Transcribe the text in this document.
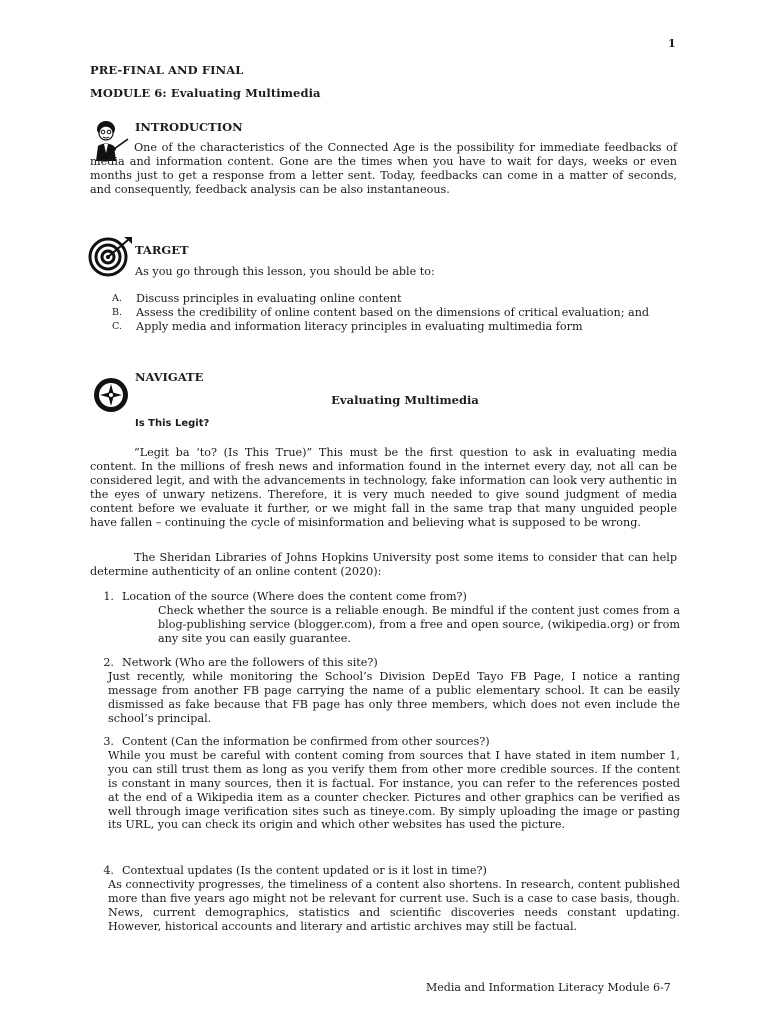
1
PRE-FINAL AND FINAL
MODULE 6: Evaluating Multimedia
INTRODUCTION

One of the characteristics of the Connected Age is the possibility for immediate feedbacks of media and information content. Gone are the times when you have to wait for days, weeks or even months just to get a response from a letter sent. Today, feedbacks can come in a matter of seconds, and consequently, feedback analysis can be also instantaneous.

TARGET

As you go through this lesson, you should be able to:

A.	Discuss principles in evaluating online content
B.	Assess the credibility of online content based on the dimensions of critical evaluation; and
C.	Apply media and information literacy principles in evaluating multimedia form
NAVIGATE
Evaluating Multimedia
Is This Legit?

“Legit ba ‘to? (Is This True)” This must be the first question to ask in evaluating media content. In the millions of fresh news and information found in the internet every day, not all can be considered legit, and with the advancements in technology, fake information can look very authentic in the eyes of unwary netizens. Therefore, it is very much needed to give sound judgment of media content before we evaluate it further, or we might fall in the same trap that many unguided people have fallen – continuing the cycle of misinformation and believing what is supposed to be wrong.

The Sheridan Libraries of Johns Hopkins University post some items to consider that can help determine authenticity of an online content (2020):

1. Location of the source (Where does the content come from?)
Check whether the source is a reliable enough. Be mindful if the content just comes from a blog-publishing service (blogger.com), from a free and open source, (wikipedia.org) or from any site you can easily guarantee.
2. Network (Who are the followers of this site?)
Just recently, while monitoring the School’s Division DepEd Tayo FB Page, I notice a ranting message from another FB page carrying the name of a public elementary school. It can be easily dismissed as fake because that FB page has only three members, which does not even include the school’s principal.
3. Content (Can the information be confirmed from other sources?)
While you must be careful with content coming from sources that I have stated in item number 1, you can still trust them as long as you verify them from other more credible sources. If the content is constant in many sources, then it is factual. For instance, you can refer to the references posted at the end of a Wikipedia item as a counter checker. Pictures and other graphics can be verified as well through image verification sites such as tineye.com. By simply uploading the image or pasting its URL, you can check its origin and which other websites has used the picture.
4. Contextual updates (Is the content updated or is it lost in time?)
As connectivity progresses, the timeliness of a content also shortens. In research, content published more than five years ago might not be relevant for current use. Such is a case to case basis, though. News, current demographics, statistics and scientific discoveries needs constant updating. However, historical accounts and literary and artistic archives may still be factual.
Media and Information Literacy Module 6-7
